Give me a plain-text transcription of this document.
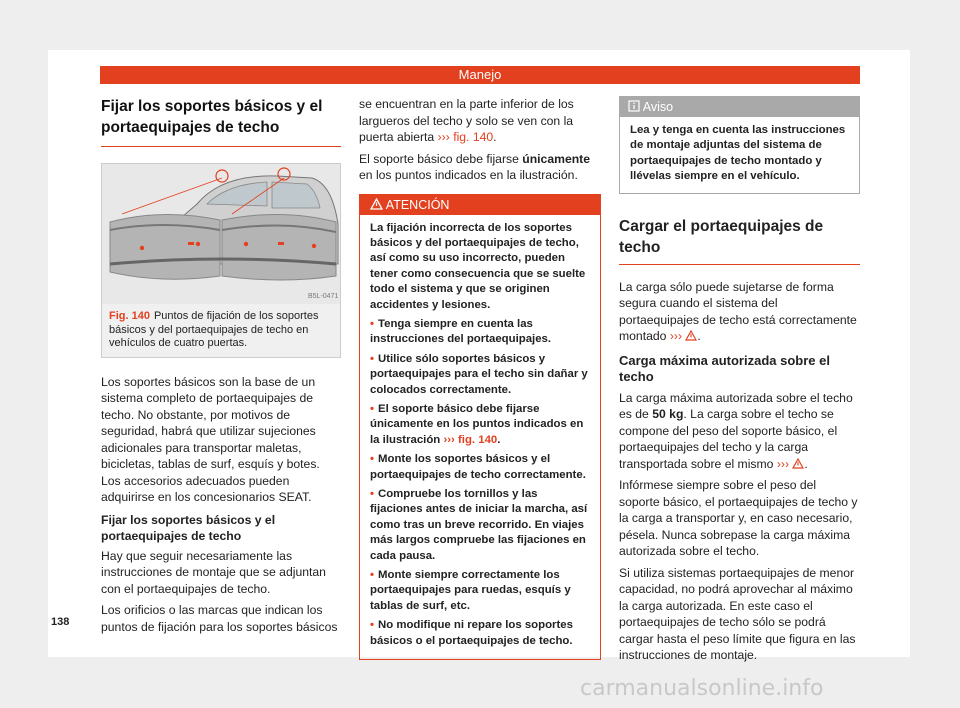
Manejo
Fijar los soportes básicos y el portaequipajes de techo
B5L-0471
Fig. 140 Puntos de fijación de los soportes básicos y del portaequipajes de techo en vehículos de cuatro puertas.

Los soportes básicos son la base de un sistema completo de portaequipajes de techo. No obstante, por motivos de seguridad, habrá que utilizar sujeciones adicionales para transportar maletas, bicicletas, tablas de surf, esquís y botes. Los accesorios adecuados pueden adquirirse en los concesionarios SEAT.

Fijar los soportes básicos y el portaequipajes de techo

Hay que seguir necesariamente las instrucciones de montaje que se adjuntan con el portaequipajes de techo.

Los orificios o las marcas que indican los puntos de fijación para los soportes básicos

se encuentran en la parte inferior de los largueros del techo y solo se ven con la puerta abierta ››› fig. 140.

El soporte básico debe fijarse únicamente en los puntos indicados en la ilustración.

ATENCIÓN

La fijación incorrecta de los soportes básicos y del portaequipajes de techo, así como su uso incorrecto, pueden tener como consecuencia que se suelte todo el sistema y que se originen accidentes y lesiones.

• Tenga siempre en cuenta las instrucciones del portaequipajes.

• Utilice sólo soportes básicos y portaequipajes para el techo sin dañar y colocados correctamente.

• El soporte básico debe fijarse únicamente en los puntos indicados en la ilustración ››› fig. 140.

• Monte los soportes básicos y el portaequipajes de techo correctamente.

• Compruebe los tornillos y las fijaciones antes de iniciar la marcha, así como tras un breve recorrido. En viajes más largos compruebe las fijaciones en cada pausa.

• Monte siempre correctamente los portaequipajes para ruedas, esquís y tablas de surf, etc.

• No modifique ni repare los soportes básicos o el portaequipajes de techo.

Aviso
Lea y tenga en cuenta las instrucciones de montaje adjuntas del sistema de portaequipajes de techo montado y llévelas siempre en el vehículo.
Cargar el portaequipajes de techo

La carga sólo puede sujetarse de forma segura cuando el sistema del portaequipajes de techo está correctamente montado ››› .

Carga máxima autorizada sobre el techo

La carga máxima autorizada sobre el techo es de 50 kg. La carga sobre el techo se compone del peso del soporte básico, el portaequipajes del techo y la carga transportada sobre el mismo ››› .

Infórmese siempre sobre el peso del soporte básico, el portaequipajes de techo y la carga a transportar y, en caso necesario, pésela. Nunca sobrepase la carga máxima autorizada sobre el techo.

Si utiliza sistemas portaequipajes de menor capacidad, no podrá aprovechar al máximo la carga autorizada. En este caso el portaequipajes de techo sólo se podrá cargar hasta el peso límite que figura en las instrucciones de montaje.

138
carmanualsonline.info
